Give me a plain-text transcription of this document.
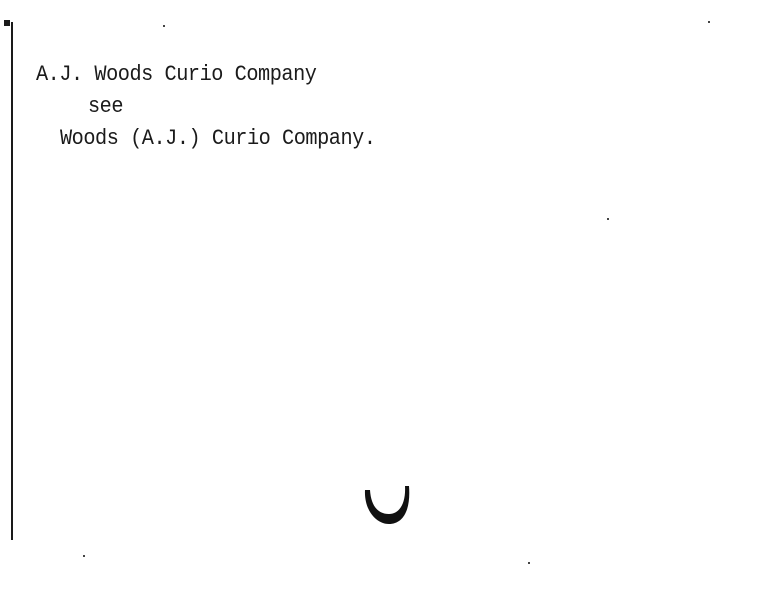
A.J. Woods Curio Company
see
Woods (A.J.) Curio Company.
